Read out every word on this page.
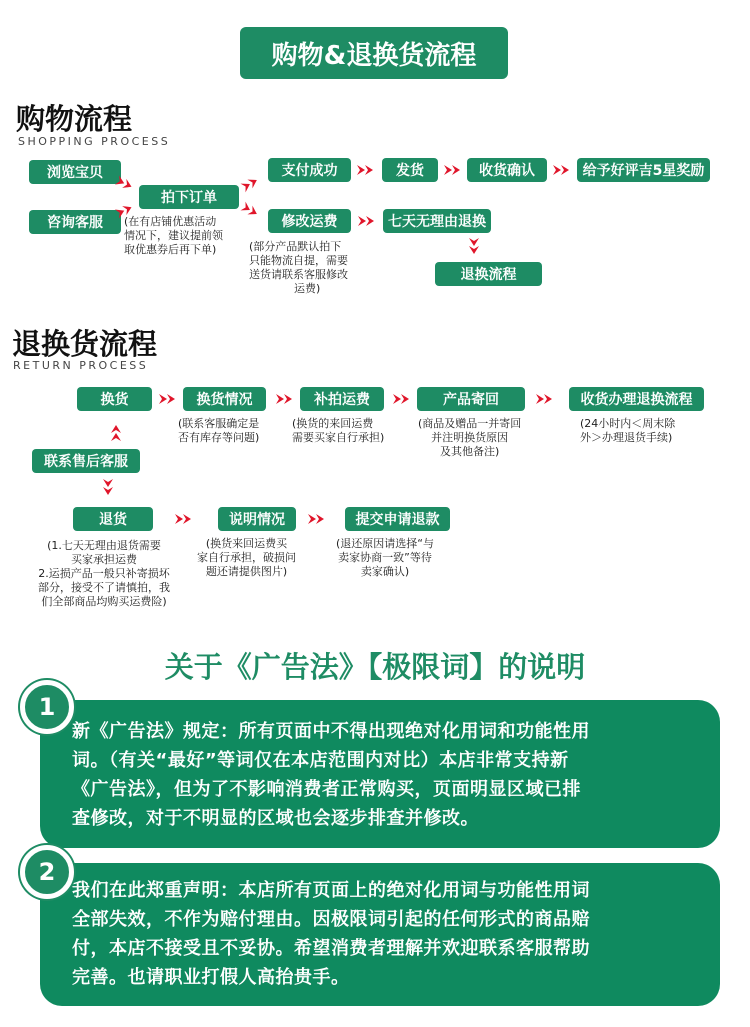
购物&退换货流程
购物流程
SHOPPING PROCESS
浏览宝贝
咨询客服
拍下订单
支付成功	发货	收货确认	给予好评吉5星奖励
修改运费	七天无理由退换
退换流程
(在有店铺优惠活动
情况下，建议提前领
取优惠券后再下单)	(部分产品默认拍下
只能物流自提，需要
送货请联系客服修改
运费)
退换货流程
RETURN PROCESS
换货	换货情况	补拍运费	产品寄回	收货办理退换流程
联系售后客服
退货	说明情况	提交申请退款
(联系客服确定是
否有库存等问题)
(换货的来回运费
需要买家自行承担)
(商品及赠品一并寄回
并注明换货原因
及其他备注)
(24小时内＜周末除
外＞办理退货手续)
(1.七天无理由退货需要
买家承担运费
2.运损产品一般只补寄损坏
部分，接受不了请慎拍，我
们全部商品均购买运费险)
(换货来回运费买
家自行承担，破损问
题还请提供图片)
(退还原因请选择“与
卖家协商一致”等待
卖家确认)
关于《广告法》【极限词】的说明
新《广告法》规定：所有页面中不得出现绝对化用词和功能性用
词。（有关“最好”等词仅在本店范围内对比）本店非常支持新
《广告法》，但为了不影响消费者正常购买，页面明显区域已排
查修改，对于不明显的区域也会逐步排查并修改。
1
我们在此郑重声明：本店所有页面上的绝对化用词与功能性用词
全部失效，不作为赔付理由。因极限词引起的任何形式的商品赔
付，本店不接受且不妥协。希望消费者理解并欢迎联系客服帮助
完善。也请职业打假人高抬贵手。
2
